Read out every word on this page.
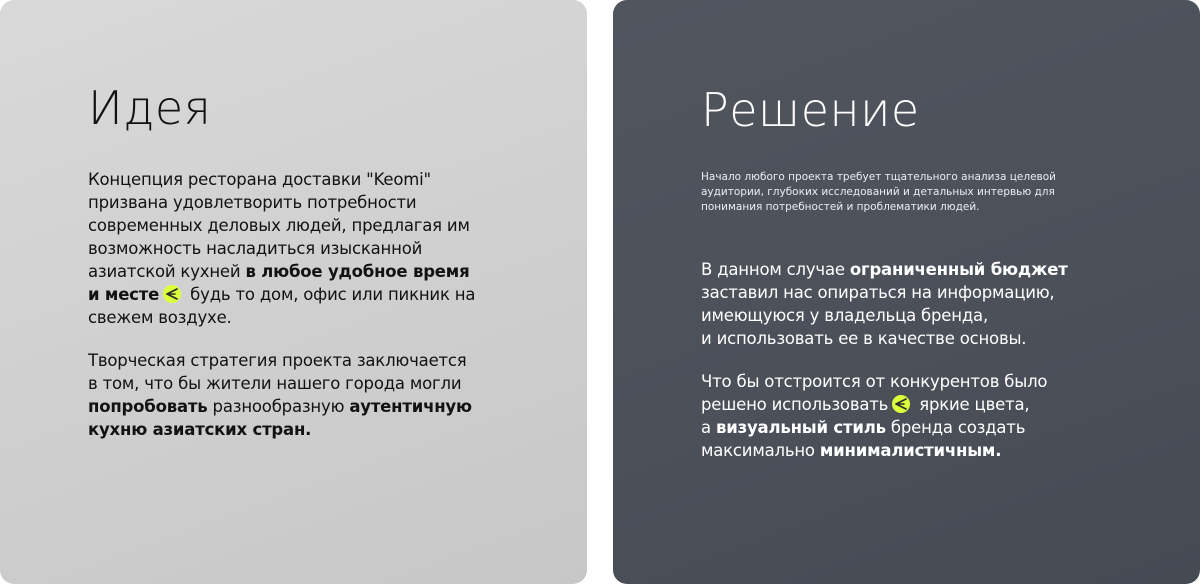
Идея

Концепция ресторана доставки "Keomi"
призвана удовлетворить потребности
современных деловых людей, предлагая им
возможность насладиться изысканной
азиатской кухней в любое удобное время
и месте
будь то дом, офис или пикник на
свежем воздухе.

Творческая стратегия проекта заключается
в том, что бы жители нашего города могли
попробовать разнообразную аутентичную
кухню азиатских стран.

Решение

Начало любого проекта требует тщательного анализа целевой
аудитории, глубоких исследований и детальных интервью для
понимания потребностей и проблематики людей.

В данном случае ограниченный бюджет
заставил нас опираться на информацию,
имеющуюся у владельца бренда,
и использовать ее в качестве основы.

Что бы отстроится от конкурентов было
решено использовать
яркие цвета,
а визуальный стиль бренда создать
максимально минималистичным.
